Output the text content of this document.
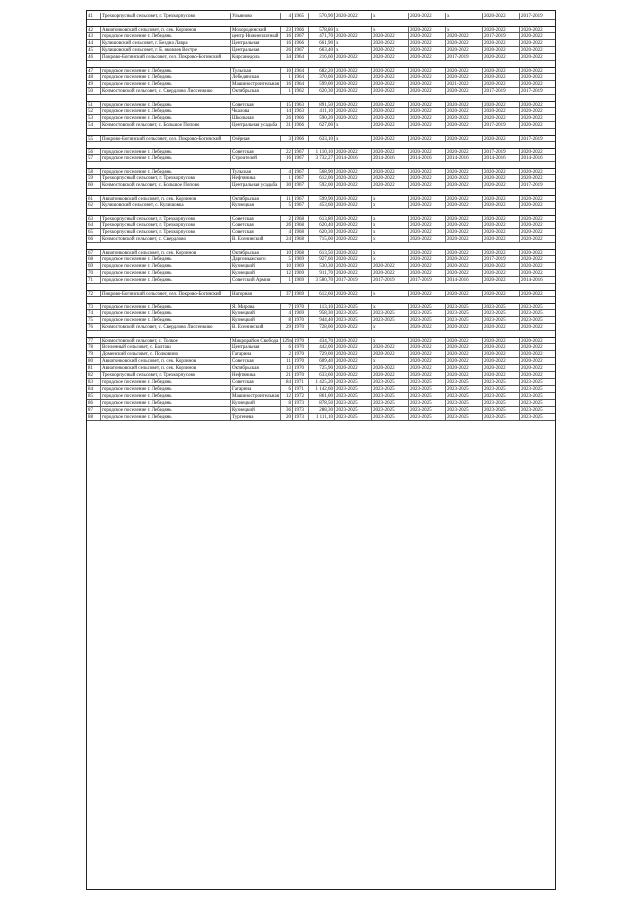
41	Трехкорпусный сельсовет, г. Трехкорпусово	Ульяново	4 1965	570,90 2020-2022	х	2020-2022	х	2020-2022	2017-2019
42	Авиатонковский сельсовет, п. сек. Корзинов	Мохородинский	23 1966	578,80 х	х	2020-2022	х	2020-2022	2020-2022
43	городское поселение г. Лебедянь	центр Нижнеплатный	16 1967	471,70 2020-2022	2020-2022	2020-2022	2020-2022	2017-2019	2020-2022
44	Кулишовский сельсовет, г. Бездна Лавра	Центральная	16 1966	661,90 х	2020-2022	2020-2022	2020-2022	2020-2022	2020-2022
45	Кулишовский сельсовет, г. Б. яковлев Вестре	Центральная	26 1967	663,40 х	2020-2022	2020-2022	2020-2022	2020-2022	2020-2022
46	Покрово-Богинский сельсовет, сел. Покрово-Богинский	Кирсанедоль	34 1964	216,60 2020-2022	2020-2022	2020-2022	2017-2019	2020-2022	2020-2022
47	городское поселение г. Лебедянь	Тульская	10 1964	682,20 2020-2022	2020-2022	2020-2022	2020-2022	2020-2022	2020-2022
48	городское поселение г. Лебедянь	Лебедянская	1 1964	370,00 2020-2022	2020-2022	2020-2022	2020-2022	2020-2022	2020-2022
49	городское поселение г. Лебедянь	Машиностроительная	16 1964	599,00 2020-2022	2020-2022	2020-2022	2021-2022	2020-2022	2020-2022
50	Кочмостовской сельсовет, с. Свердлово Лиссенкико	Октябрьская	1 1962	620,30 2020-2022	2020-2022	2020-2022	2020-2022	2017-2019	2017-2019
51	городское поселение г. Лебедянь	Советская	15 1963	891,50 2020-2022	2020-2022	2020-2022	2020-2022	2020-2022	2020-2022
52	городское поселение г. Лебедянь	Чкалова	14 1963	411,10 2020-2022	2020-2022	2020-2022	2020-2022	2020-2022	2020-2022
53	городское поселение г. Лебедянь	Школьная	26 1966	590,20 2020-2022	2020-2022	2020-2022	2020-2022	2020-2022	2020-2022
54	Кочмостовской сельсовет, с. Большое Попово	Центральная усадьба	31 1966	627,00 х	2020-2022	2020-2022	2020-2022	2017-2019	2020-2022
55	Покрово-Богинский сельсовет, сел. Покрово-Богинский	Озёрная	3 1966	633,10 х	2020-2022	2020-2022	2020-2022	2020-2022	2017-2019
56	городское поселение г. Лебедянь	Советская	22 1967	1 110,10 2020-2022	2020-2022	2020-2022	2020-2022	2017-2019	2020-2022
57	городское поселение г. Лебедянь	Строителей	16 1967	3 732,27 2014-2016	2014-2016	2014-2016	2014-2016	2014-2016	2014-2016
58	городское поселение г. Лебедянь	Тульская	4 1967	568,90 2020-2022	2020-2022	2020-2022	2020-2022	2020-2022	2020-2022
59	Трехкорпусный сельсовет, г. Трехкорпусово	Нефтяника	1 1967	612,00 2020-2022	2020-2022	2020-2022	2020-2022	2020-2022	2020-2022
60	Кочмостовской сельсовет, с. Большое Попово	Центральная усадьба	30 1967	592,00 2020-2022	2020-2022	2020-2022	2020-2022	2020-2022	2017-2019
61	Авиатонковский сельсовет, п. сек. Корзинов	Октябрьская	11 1967	599,90 2020-2022	х	2020-2022	2020-2022	2020-2022	2020-2022
62	Кулишовский сельсовет, с. Кулишовка	Кузнецкая	5 1967	453,60 2020-2022	х	2020-2022	2020-2022	2020-2022	2020-2022
63	Трехкорпусный сельсовет, г. Трехкорпусово	Советская	2 1968	613,80 2020-2022	х	2020-2022	2020-2022	2020-2022	2020-2022
64	Трехкорпусный сельсовет, г. Трехкорпусово	Советская	2б 1968	620,40 2020-2022	х	2020-2022	2020-2022	2020-2022	2020-2022
65	Трехкорпусный сельсовет, г. Трехкорпусово	Советская	4 1968	620,30 2020-2022	х	2020-2022	2020-2022	2020-2022	2020-2022
66	Кочмостовской сельсовет, с. Свердлово	В. Есенинский	24 1968	715,00 2020-2022	х	2020-2022	2020-2022	2020-2022	2020-2022
67	Авиатонковский сельсовет, п. сек. Корзинов	Октябрьская	10 1968	613,50 2020-2022	х	2020-2022	2020-2022	2020-2022	2020-2022
68	городское поселение г. Лебедянь	Даргомыжского	5 1969	927,60 2020-2022	х	2020-2022	2020-2022	2017-2019	2020-2022
69	городское поселение г. Лебедянь	Кузнецкий	10 1969	530,30 2020-2022	2020-2022	2020-2022	2020-2022	2020-2022	2020-2022
70	городское поселение г. Лебедянь	Кузнецкий	12 1969	911,70 2020-2022	2020-2022	2020-2022	2020-2022	2020-2022	2020-2022
71	городское поселение г. Лебедянь	Советский Армии	1 1969	3 580,70 2017-2019	2017-2019	2017-2019	2014-2016	2020-2022	2014-2016
72	Покрово-Богинский сельсовет, сел. Покрово-Богинский	Нагорная	37 1969	612,60 2020-2022	х	2020-2022	2020-2022	2020-2022	2020-2022
73	городское поселение г. Лебедянь	Я. Мирова	7 1970	113,10 2023-2025	х	2023-2025	2023-2025	2023-2025	2023-2025
74	городское поселение г. Лебедянь	Кузнецкий	4 1969	958,30 2023-2025	2023-2025	2023-2025	2023-2025	2023-2025	2023-2025
75	городское поселение г. Лебедянь	Кузнецкий	8 1970	944,40 2023-2025	2023-2025	2023-2025	2023-2025	2023-2025	2023-2025
76	Кочмостовской сельсовет, с. Свердлово Лиссенкико	В. Есенинский	29 1970	728,00 2020-2022	х	2020-2022	2020-2022	2020-2022	2020-2022
77	Кочмостовской сельсовет, с. Толкое	Микрорайон Свобода 129а 1970	434,70 2020-2022	х	2020-2022	2020-2022	2020-2022	2020-2022
78	Вселенный сельсовет, с. Балташ	Центральная	6 1970	442,00 2020-2022	2020-2022	2020-2022	2020-2022	2020-2022	2020-2022
79	Доменский сельсовет, с. Полковино	Гагарина	2 1970	729,00 2020-2022	2020-2022	2020-2022	2020-2022	2020-2022	2020-2022
80	Авиатонковский сельсовет, п. сек. Корзинов	Советская	11 1970	609,40 2020-2022	х	2020-2022	2020-2022	2020-2022	2020-2022
81	Авиатонковский сельсовет, п. сек. Корзинов	Октябрьская	13 1970	725,90 2020-2022	2020-2022	2020-2022	2020-2022	2020-2022	2020-2022
82	Трехкорпусный сельсовет, г. Трехкорпусово	Нефтяника	21 1970	633,60 2020-2022	2020-2022	2020-2022	2020-2022	2020-2022	2020-2022
83	городское поселение г. Лебедянь	Советская	84 1971	1 425,20 2023-2025	2023-2025	2023-2025	2023-2025	2023-2025	2023-2025
84	городское поселение г. Лебедянь	Гагарина	6 1971	1 142,60 2023-2025	2023-2025	2023-2025	2023-2025	2023-2025	2023-2025
85	городское поселение г. Лебедянь	Машиностроительная	12 1972	861,00 2023-2025	2023-2025	2023-2025	2023-2025	2023-2025	2023-2025
86	городское поселение г. Лебедянь	Кузнецкий	8 1973	878,50 2023-2025	2023-2025	2023-2025	2023-2025	2023-2025	2023-2025
87	городское поселение г. Лебедянь	Кузнецкий	36 1973	288,30 2023-2025	2023-2025	2023-2025	2023-2025	2023-2025	2023-2025
88	городское поселение г. Лебедянь	Тургенева	20 1973	1 111,10 2023-2025	2023-2025	2023-2025	2023-2025	2023-2025	2023-2025
